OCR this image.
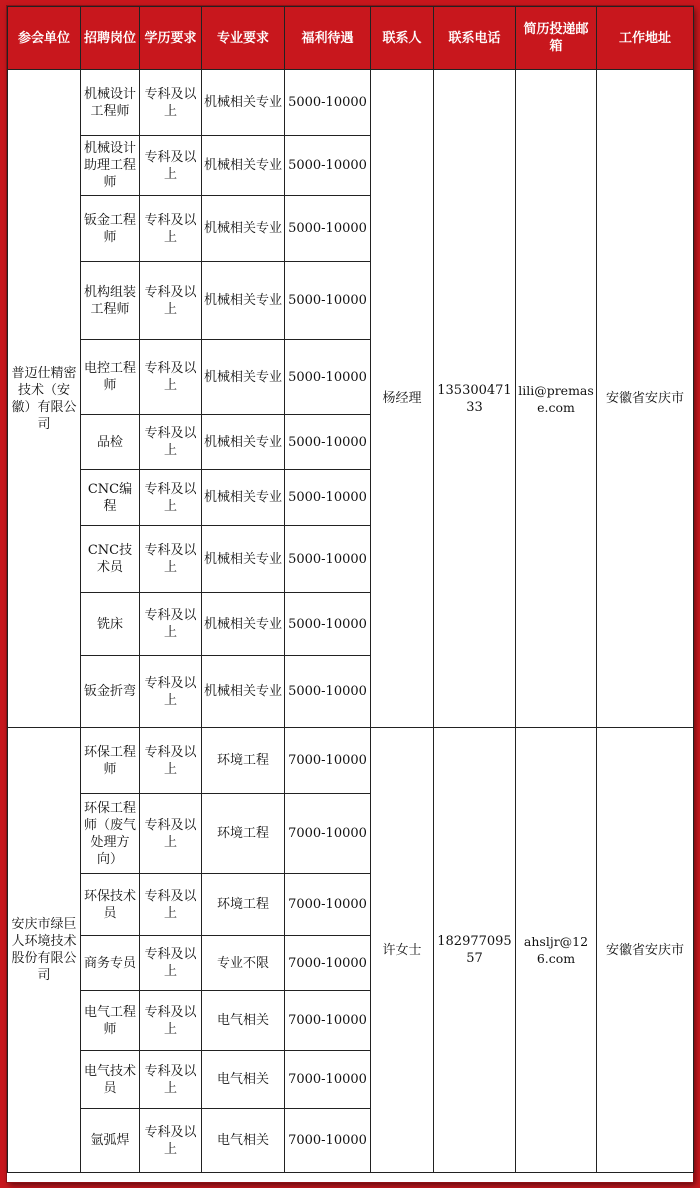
参会单位	招聘岗位	学历要求	专业要求	福利待遇	联系人	联系电话	简历投递邮箱	工作地址
普迈仕精密技术（安徽）有限公司	机械设计工程师	专科及以上	机械相关专业	5000-10000	杨经理	13530047133	lili@premase.com	安徽省安庆市
	机械设计助理工程师	专科及以上	机械相关专业	5000-10000				
	钣金工程师	专科及以上	机械相关专业	5000-10000				
	机构组装工程师	专科及以上	机械相关专业	5000-10000				
	电控工程师	专科及以上	机械相关专业	5000-10000				
	品检	专科及以上	机械相关专业	5000-10000				
	CNC编程	专科及以上	机械相关专业	5000-10000				
	CNC技术员	专科及以上	机械相关专业	5000-10000				
	铣床	专科及以上	机械相关专业	5000-10000				
	钣金折弯	专科及以上	机械相关专业	5000-10000				
安庆市绿巨人环境技术股份有限公司	环保工程师	专科及以上	环境工程	7000-10000	许女士	18297709557	ahsljr@126.com	安徽省安庆市
	环保工程师（废气处理方向）	专科及以上	环境工程	7000-10000				
	环保技术员	专科及以上	环境工程	7000-10000				
	商务专员	专科及以上	专业不限	7000-10000				
	电气工程师	专科及以上	电气相关	7000-10000				
	电气技术员	专科及以上	电气相关	7000-10000				
	氩弧焊	专科及以上	电气相关	7000-10000				
